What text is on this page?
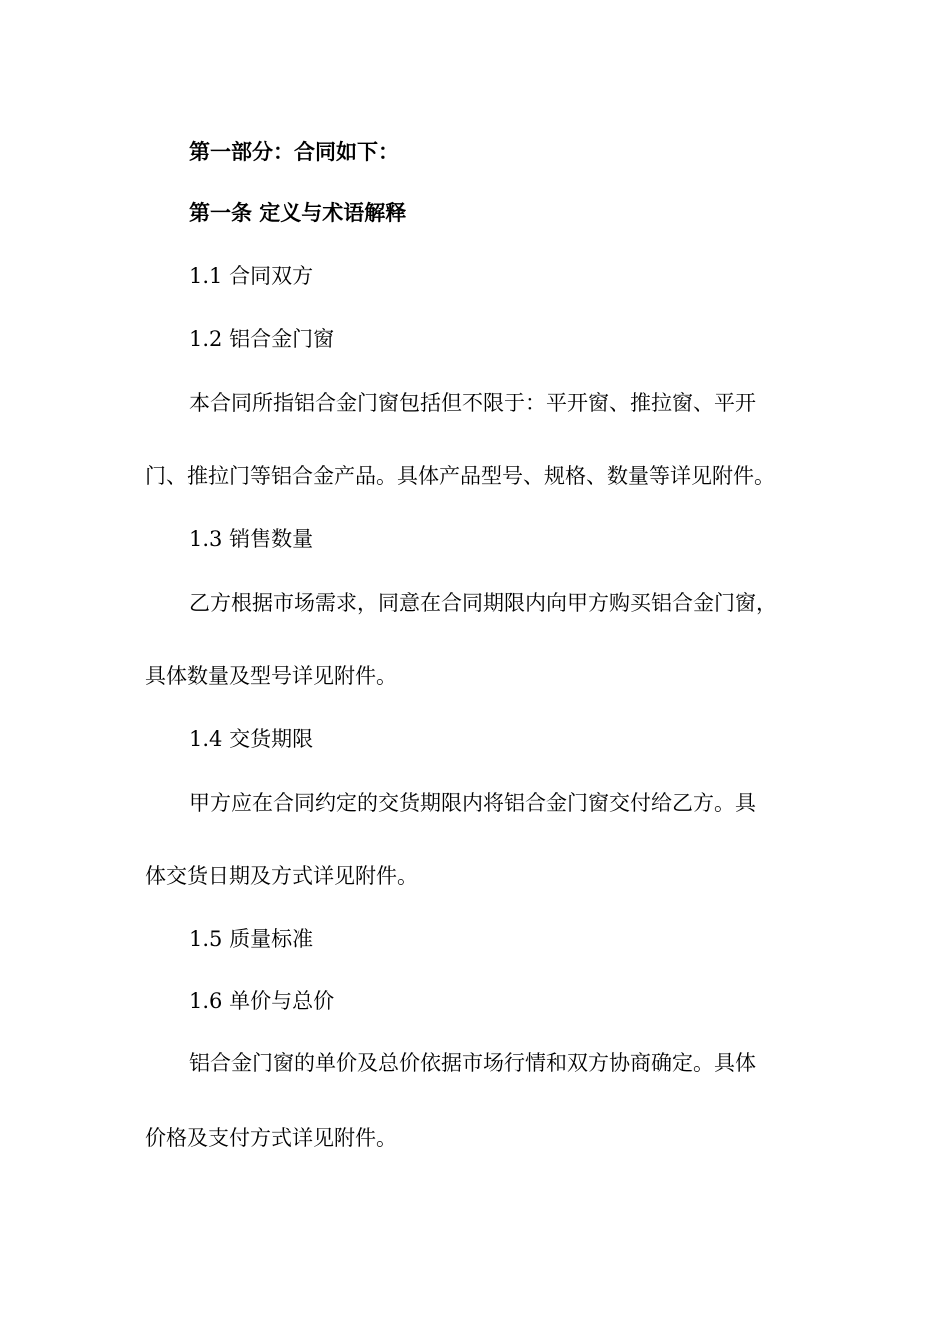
第一部分：合同如下：
第一条 定义与术语解释
1.1 合同双方
1.2 铝合金门窗
本合同所指铝合金门窗包括但不限于：平开窗、推拉窗、平开
门、推拉门等铝合金产品。具体产品型号、规格、数量等详见附件。
1.3 销售数量
乙方根据市场需求，同意在合同期限内向甲方购买铝合金门窗，
具体数量及型号详见附件。
1.4 交货期限
甲方应在合同约定的交货期限内将铝合金门窗交付给乙方。具
体交货日期及方式详见附件。
1.5 质量标准
1.6 单价与总价
铝合金门窗的单价及总价依据市场行情和双方协商确定。具体
价格及支付方式详见附件。
